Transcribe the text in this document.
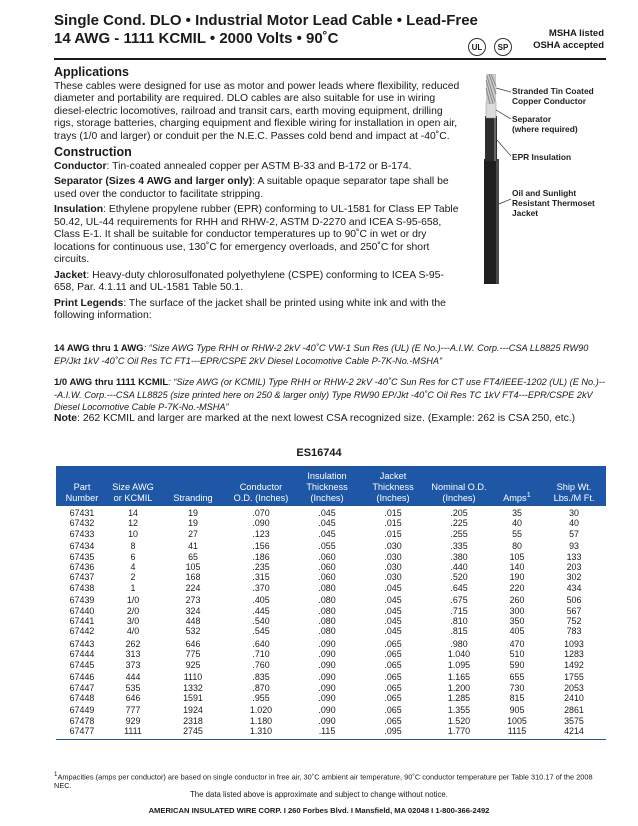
Single Cond. DLO • Industrial Motor Lead Cable • Lead-Free
14 AWG - 1111 KCMIL • 2000 Volts • 90˚C	UL	SP
MSHA listed
OSHA accepted
Applications

These cables were designed for use as motor and power leads where flexibility, reduced diameter and portability are required. DLO cables are also suitable for use in wiring diesel-electric locomotives, railroad and transit cars, earth moving equipment, drilling rigs, storage batteries, charging equipment and flexible wiring for installation in open air, trays (1/0 and larger) or conduit per the N.E.C. Passes cold bend and impact at -40˚C.

Construction

Conductor: Tin-coated annealed copper per ASTM B-33 and B-172 or B-174.

Separator (Sizes 4 AWG and larger only): A suitable opaque separator tape shall be used over the conductor to facilitate stripping.

Insulation: Ethylene propylene rubber (EPR) conforming to UL-1581 for Class EP Table 50.42, UL-44 requirements for RHH and RHW-2, ASTM D-2270 and ICEA S-95-658, Class E-1. It shall be suitable for conductor temperatures up to 90˚C in wet or dry locations for continuous use, 130˚C for emergency overloads, and 250˚C for short circuits.

Jacket: Heavy-duty chlorosulfonated polyethylene (CSPE) conforming to ICEA S-95-658, Par. 4.1.11 and UL-1581 Table 50.1.

Print Legends: The surface of the jacket shall be printed using white ink and with the following information:

14 AWG thru 1 AWG: “Size AWG Type RHH or RHW-2 2kV -40˚C VW-1 Sun Res (UL) (E No.)---A.I.W. Corp.---CSA LL8825 RW90 EP/Jkt 1kV -40˚C Oil Res TC FT1---EPR/CSPE 2kV Diesel Locomotive Cable P-7K-No.-MSHA”
1/0 AWG thru 1111 KCMIL: “Size AWG (or KCMIL) Type RHH or RHW-2 2kV -40˚C Sun Res for CT use FT4/IEEE-1202 (UL) (E No.)---A.I.W. Corp.---CSA LL8825 (size printed here on 250 & larger only) Type RW90 EP/Jkt -40˚C Oil Res TC 1kV FT4---EPR/CSPE 2kV Diesel Locomotive Cable P-7K-No.-MSHA”
Note: 262 KCMIL and larger are marked at the next lowest CSA recognized size. (Example: 262 is CSA 250, etc.)
Stranded Tin Coated
Copper Conductor
Separator
(where required)
EPR Insulation
Oil and Sunlight
Resistant Thermoset
Jacket
ES16744
Part Number	Size AWG or KCMIL	Stranding	Conductor O.D. (Inches)	Insulation Thickness (Inches)	Jacket Thickness (Inches)	Nominal O.D. (Inches)	Amps$^1$	Ship Wt. Lbs./M Ft.
67431	14	19	.070	.045	.015	.205	35	30
67432	12	19	.090	.045	.015	.225	40	40
67433	10	27	.123	.045	.015	.255	55	57
67434	8	41	.156	.055	.030	.335	80	93
67435	6	65	.186	.060	.030	.380	105	133
67436	4	105	.235	.060	.030	.440	140	203
67437	2	168	.315	.060	.030	.520	190	302
67438	1	224	.370	.080	.045	.645	220	434
67439	1/0	273	.405	.080	.045	.675	260	506
67440	2/0	324	.445	.080	.045	.715	300	567
67441	3/0	448	.540	.080	.045	.810	350	752
67442	4/0	532	.545	.080	.045	.815	405	783
67443	262	646	.640	.090	.065	.980	470	1093
67444	313	775	.710	.090	.065	1.040	510	1283
67445	373	925	.760	.090	.065	1.095	590	1492
67446	444	1110	.835	.090	.065	1.165	655	1755
67447	535	1332	.870	.090	.065	1.200	730	2053
67448	646	1591	.955	.090	.065	1.285	815	2410
67449	777	1924	1.020	.090	.065	1.355	905	2861
67478	929	2318	1.180	.090	.065	1.520	1005	3575
67477	1111	2745	1.310	.115	.095	1.770	1115	4214
$^1$Ampacities (amps per conductor) are based on single conductor in free air, 30˚C ambient air temperature, 90˚C conductor temperature per Table 310.17 of the 2008 NEC.
The data listed above is approximate and subject to change without notice.
AMERICAN INSULATED WIRE CORP. I 260 Forbes Blvd. I Mansfield, MA 02048 I 1-800-366-2492
